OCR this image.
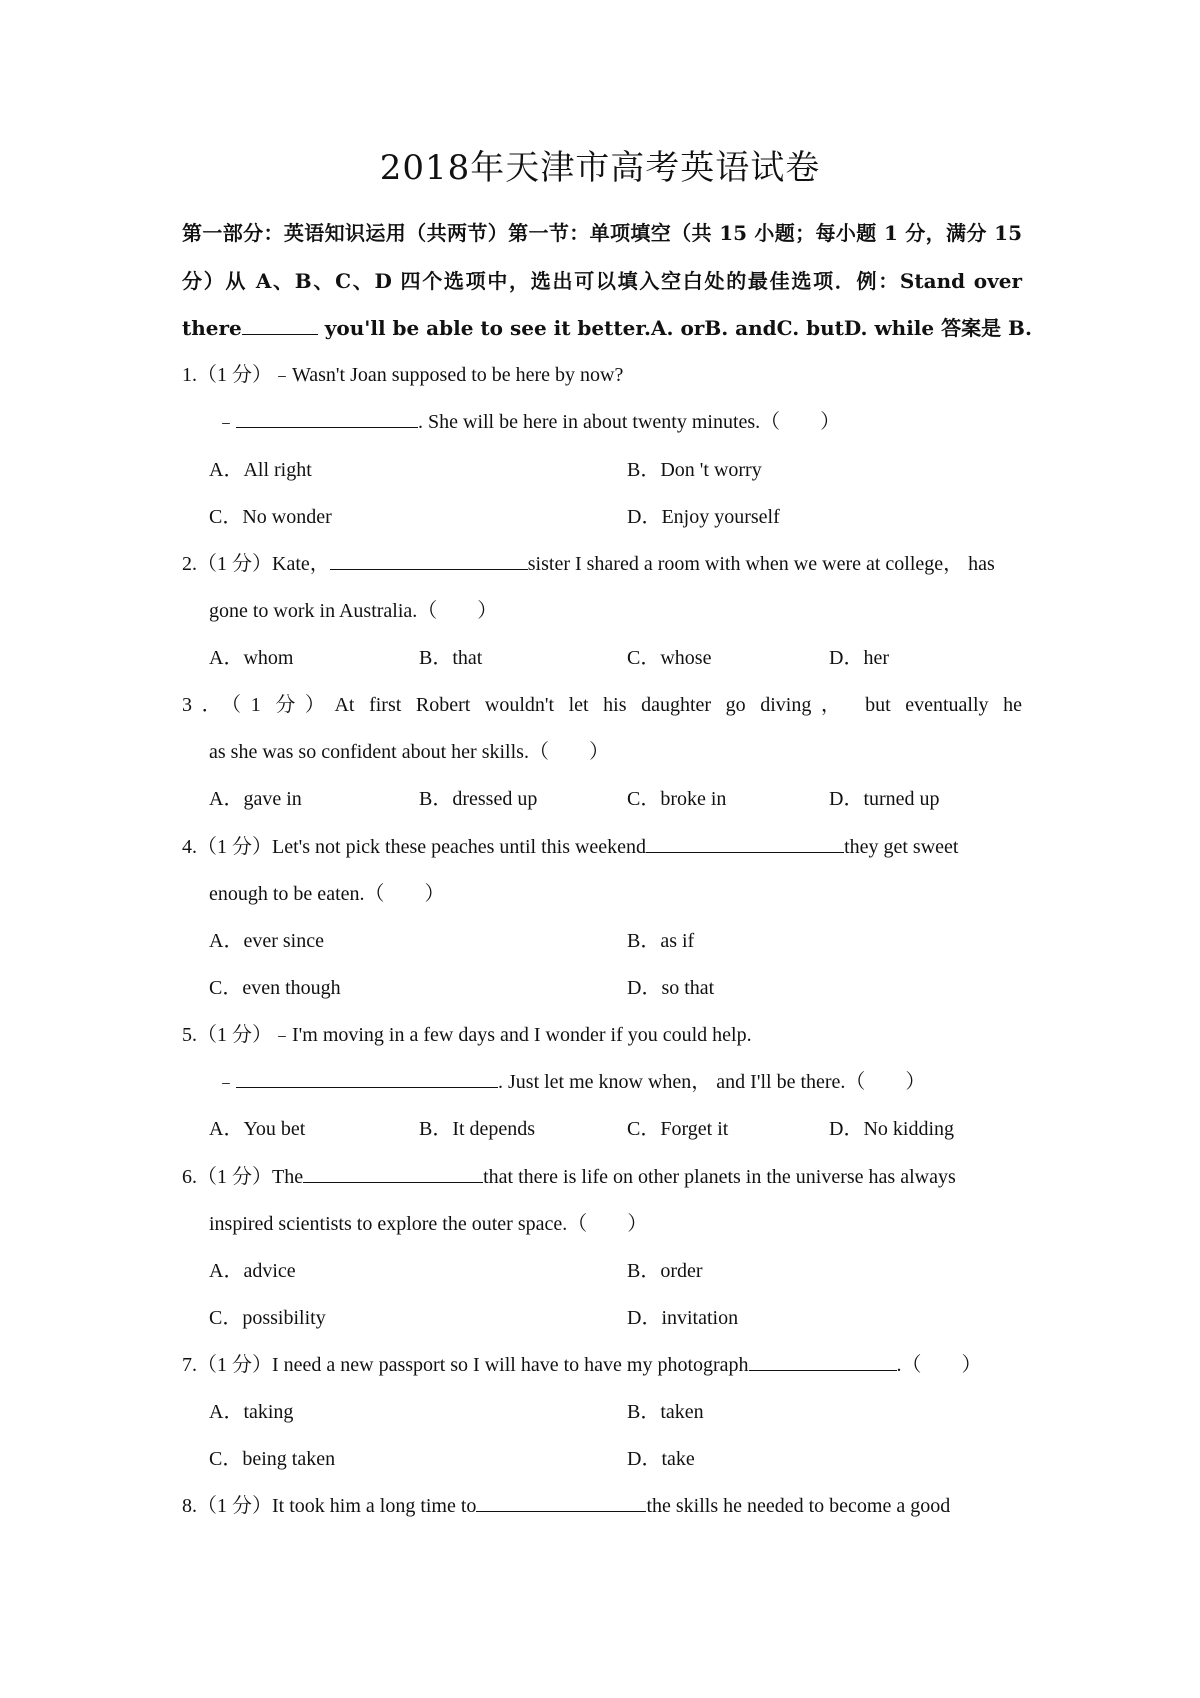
2018年天津市高考英语试卷
第一部分：英语知识运用（共两节）第一节：单项填空（共 15 小题；每小题 1 分，满分 15
分）从 A、B、C、D 四个选项中，选出可以填入空白处的最佳选项．例：Stand over
there	you'll be able to see it better.A. orB. andC. butD. while 答案是 B.
1.（1 分）﹣Wasn't Joan supposed to be here by now?
﹣	. She will be here in about twenty minutes.（　　）
A．All right	B．Don 't worry
C．No wonder	D．Enjoy yourself
2.（1 分）Kate，	sister I shared a room with when we were at college， has
gone to work in Australia.（　　）
A．whom	B．that	C．whose	D．her
3．（1 分）At first Robert wouldn't let his daughter go diving， but eventually he
as she was so confident about her skills.（　　）
A．gave in	B．dressed up	C．broke in	D．turned up
4.（1 分）Let's not pick these peaches until this weekend	they get sweet
enough to be eaten.（　　）
A．ever since	B．as if
C．even though	D．so that
5.（1 分）﹣I'm moving in a few days and I wonder if you could help.
﹣	. Just let me know when， and I'll be there.（　　）
A．You bet	B．It depends	C．Forget it	D．No kidding
6.（1 分）The	that there is life on other planets in the universe has always
inspired scientists to explore the outer space.（　　）
A．advice	B．order
C．possibility	D．invitation
7.（1 分）I need a new passport so I will have to have my photograph	.（　　）
A．taking	B．taken
C．being taken	D．take
8.（1 分）It took him a long time to	the skills he needed to become a good
